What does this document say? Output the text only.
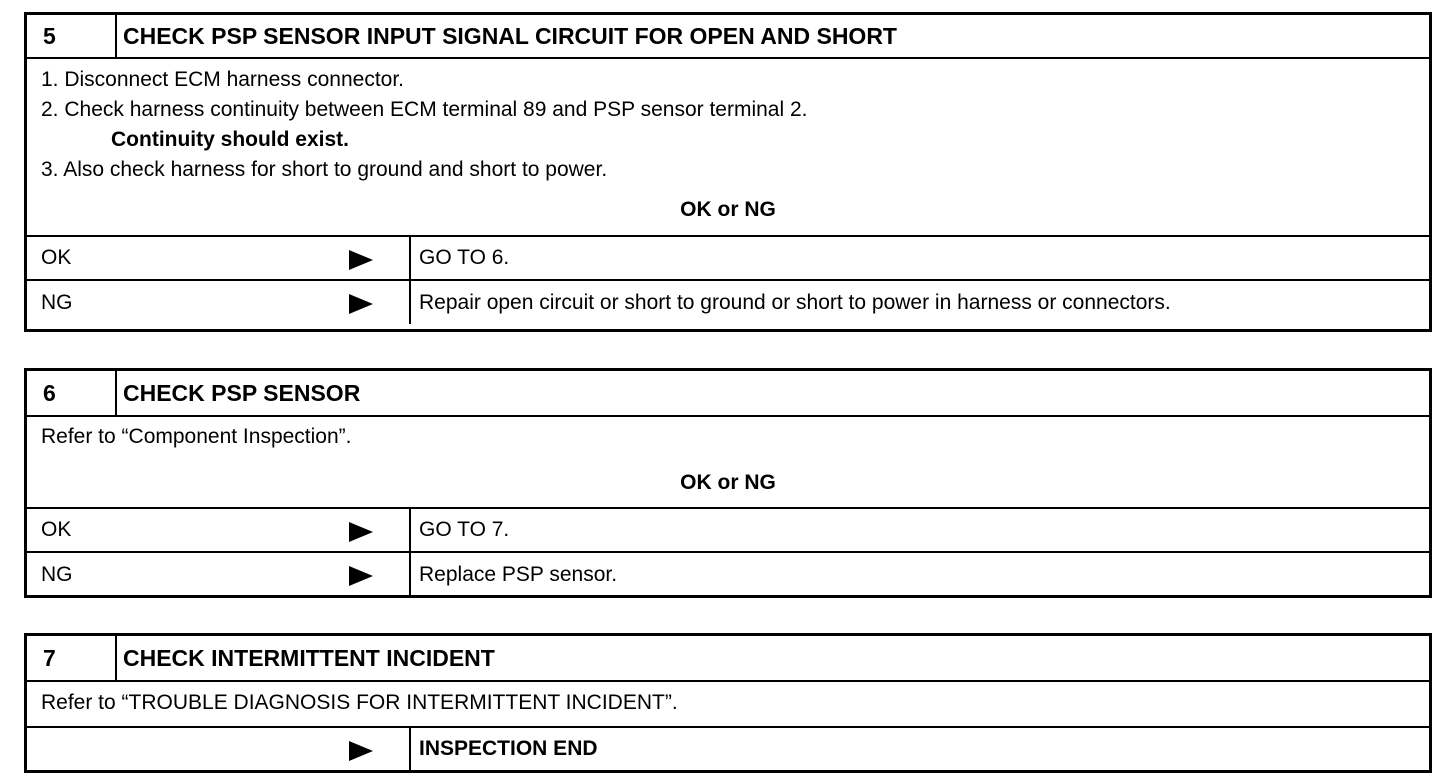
5	CHECK PSP SENSOR INPUT SIGNAL CIRCUIT FOR OPEN AND SHORT
1. Disconnect ECM harness connector.
2. Check harness continuity between ECM terminal 89 and PSP sensor terminal 2.
Continuity should exist.
3. Also check harness for short to ground and short to power.
OK or NG
OK	GO TO 6.
NG	Repair open circuit or short to ground or short to power in harness or connectors.
6	CHECK PSP SENSOR
Refer to “Component Inspection”.
OK or NG
OK	GO TO 7.
NG	Replace PSP sensor.
7	CHECK INTERMITTENT INCIDENT
Refer to “TROUBLE DIAGNOSIS FOR INTERMITTENT INCIDENT”.
INSPECTION END
